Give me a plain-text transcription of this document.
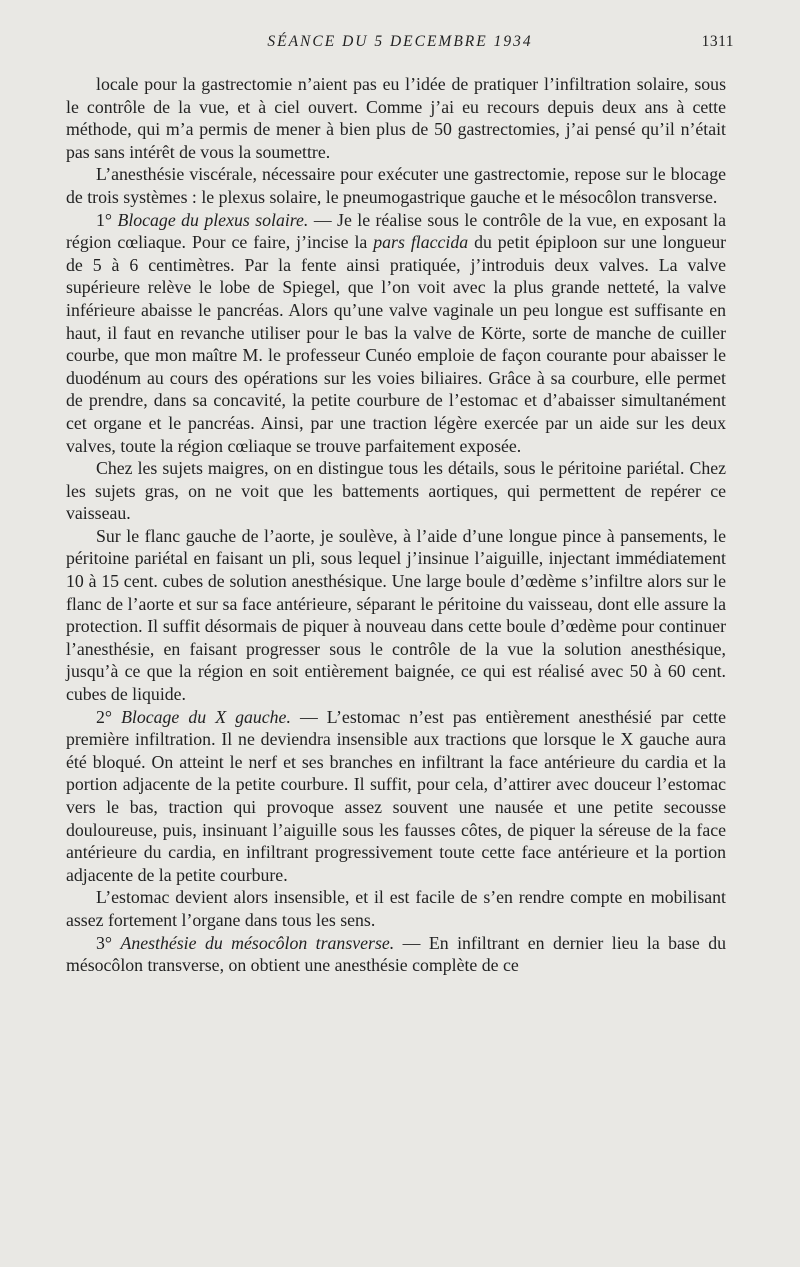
SÉANCE DU 5 DECEMBRE 1934	1311

locale pour la gastrectomie n’aient pas eu l’idée de pratiquer l’infiltration solaire, sous le contrôle de la vue, et à ciel ouvert. Comme j’ai eu recours depuis deux ans à cette méthode, qui m’a permis de mener à bien plus de 50 gastrectomies, j’ai pensé qu’il n’était pas sans intérêt de vous la soumettre.

L’anesthésie viscérale, nécessaire pour exécuter une gastrectomie, repose sur le blocage de trois systèmes : le plexus solaire, le pneumogastrique gauche et le mésocôlon transverse.

1° Blocage du plexus solaire. — Je le réalise sous le contrôle de la vue, en exposant la région cœliaque. Pour ce faire, j’incise la pars flaccida du petit épiploon sur une longueur de 5 à 6 centimètres. Par la fente ainsi pratiquée, j’introduis deux valves. La valve supérieure relève le lobe de Spiegel, que l’on voit avec la plus grande netteté, la valve inférieure abaisse le pancréas. Alors qu’une valve vaginale un peu longue est suffisante en haut, il faut en revanche utiliser pour le bas la valve de Körte, sorte de manche de cuiller courbe, que mon maître M. le professeur Cunéo emploie de façon courante pour abaisser le duodénum au cours des opérations sur les voies biliaires. Grâce à sa courbure, elle permet de prendre, dans sa concavité, la petite courbure de l’estomac et d’abaisser simultanément cet organe et le pancréas. Ainsi, par une traction légère exercée par un aide sur les deux valves, toute la région cœliaque se trouve parfaitement exposée.

Chez les sujets maigres, on en distingue tous les détails, sous le péritoine pariétal. Chez les sujets gras, on ne voit que les battements aortiques, qui permettent de repérer ce vaisseau.

Sur le flanc gauche de l’aorte, je soulève, à l’aide d’une longue pince à pansements, le péritoine pariétal en faisant un pli, sous lequel j’insinue l’aiguille, injectant immédiatement 10 à 15 cent. cubes de solution anesthésique. Une large boule d’œdème s’infiltre alors sur le flanc de l’aorte et sur sa face antérieure, séparant le péritoine du vaisseau, dont elle assure la protection. Il suffit désormais de piquer à nouveau dans cette boule d’œdème pour continuer l’anesthésie, en faisant progresser sous le contrôle de la vue la solution anesthésique, jusqu’à ce que la région en soit entièrement baignée, ce qui est réalisé avec 50 à 60 cent. cubes de liquide.

2° Blocage du X gauche. — L’estomac n’est pas entièrement anesthésié par cette première infiltration. Il ne deviendra insensible aux tractions que lorsque le X gauche aura été bloqué. On atteint le nerf et ses branches en infiltrant la face antérieure du cardia et la portion adjacente de la petite courbure. Il suffit, pour cela, d’attirer avec douceur l’estomac vers le bas, traction qui provoque assez souvent une nausée et une petite secousse douloureuse, puis, insinuant l’aiguille sous les fausses côtes, de piquer la séreuse de la face antérieure du cardia, en infiltrant progressivement toute cette face antérieure et la portion adjacente de la petite courbure.

L’estomac devient alors insensible, et il est facile de s’en rendre compte en mobilisant assez fortement l’organe dans tous les sens.

3° Anesthésie du mésocôlon transverse. — En infiltrant en dernier lieu la base du mésocôlon transverse, on obtient une anesthésie complète de ce
